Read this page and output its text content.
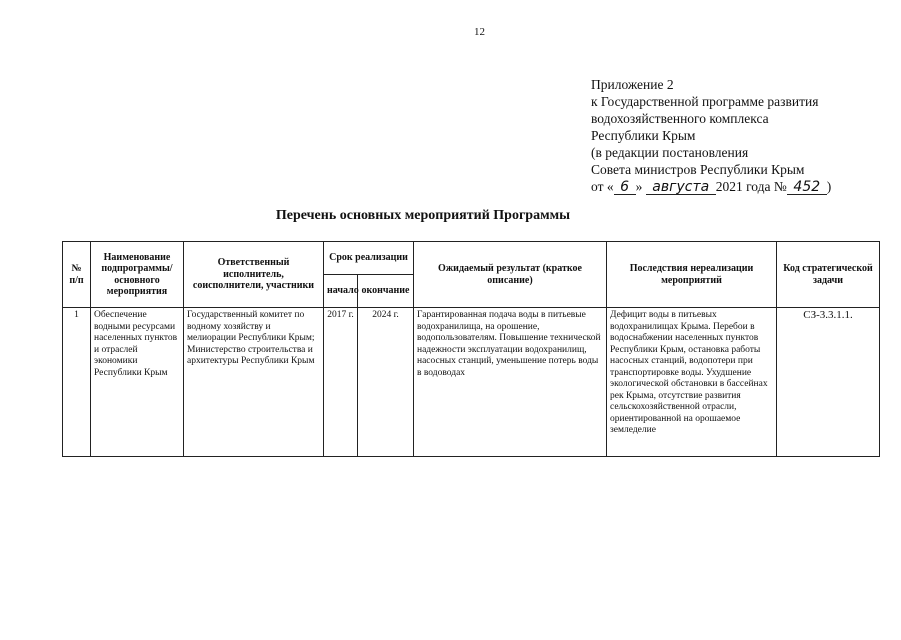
12
Приложение 2
к Государственной программе развития
водохозяйственного комплекса
Республики Крым
(в редакции постановления
Совета министров Республики Крым
от « 6 » августа 2021 года № 452 )
Перечень основных мероприятий Программы
№ п/п	Наименование подпрограммы/ основного мероприятия	Ответственный исполнитель, соисполнители, участники	Срок реализации		Ожидаемый результат (краткое описание)	Последствия нереализации мероприятий	Код стратегической задачи
			начало	окончание			
1	Обеспечение водными ресурсами населенных пунктов и отраслей экономики Республики Крым	Государственный комитет по водному хозяйству и мелиорации Республики Крым; Министерство строительства и архитектуры Республики Крым	2017 г.	2024 г.	Гарантированная подача воды в питьевые водохранилища, на орошение, водопользователям. Повышение технической надежности эксплуатации водохранилищ, насосных станций, уменьшение потерь воды в водоводах	Дефицит воды в питьевых водохранилищах Крыма. Перебои в водоснабжении населенных пунктов Республики Крым, остановка работы насосных станций, водопотери при транспортировке воды. Ухудшение экологической обстановки в бассейнах рек Крыма, отсутствие развития сельскохозяйственной отрасли, ориентированной на орошаемое земледелие	СЗ-3.3.1.1.
